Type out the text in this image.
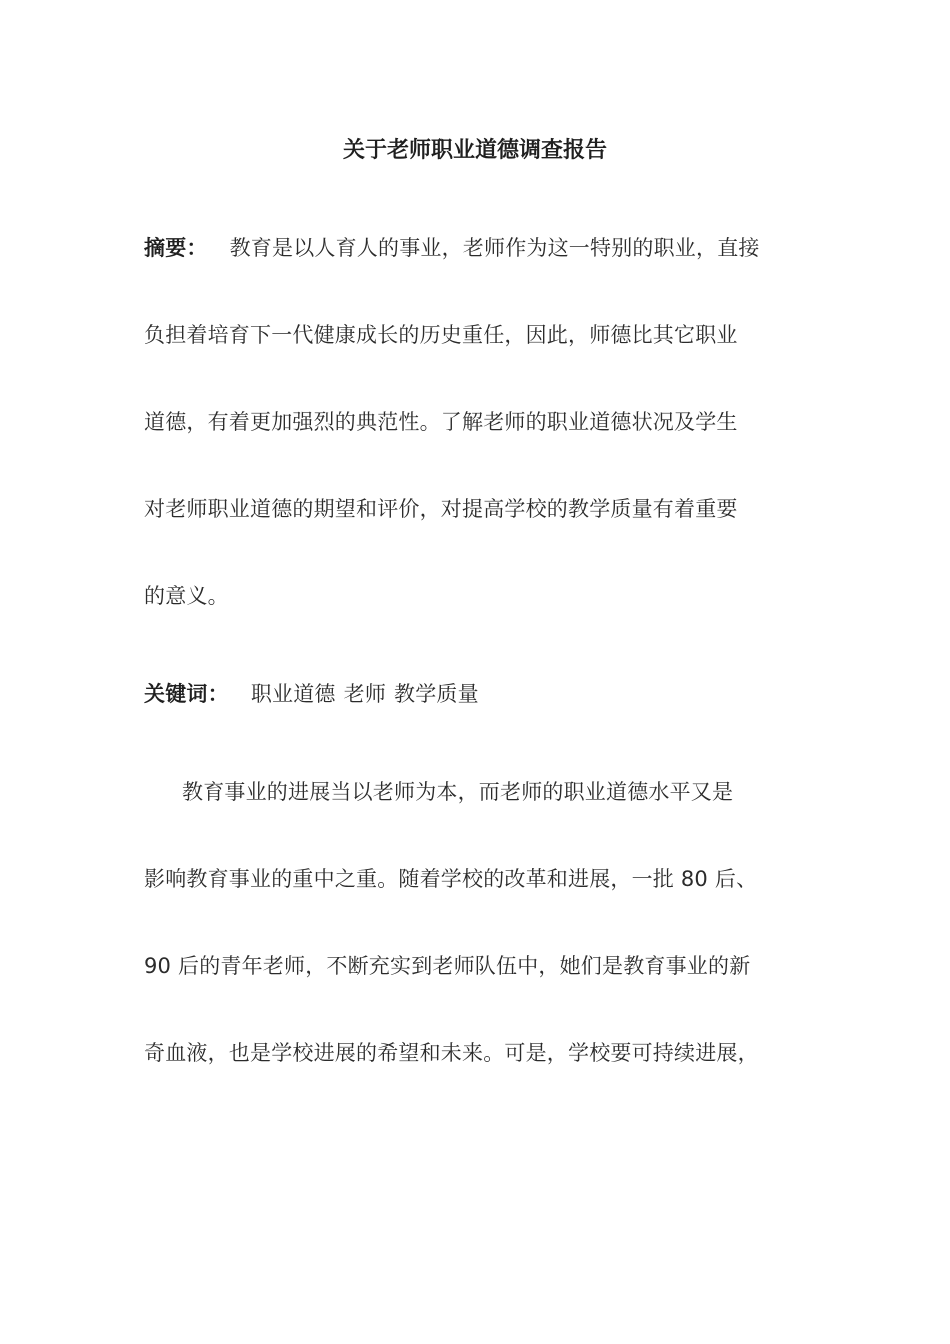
关于老师职业道德调查报告
摘要： 教育是以人育人的事业，老师作为这一特别的职业，直接
负担着培育下一代健康成长的历史重任，因此，师德比其它职业
道德，有着更加强烈的典范性。了解老师的职业道德状况及学生
对老师职业道德的期望和评价，对提高学校的教学质量有着重要
的意义。
关键词： 职业道德 老师 教学质量
教育事业的进展当以老师为本，而老师的职业道德水平又是
影响教育事业的重中之重。随着学校的改革和进展，一批 80 后、
90 后的青年老师，不断充实到老师队伍中，她们是教育事业的新
奇血液，也是学校进展的希望和未来。可是，学校要可持续进展，
